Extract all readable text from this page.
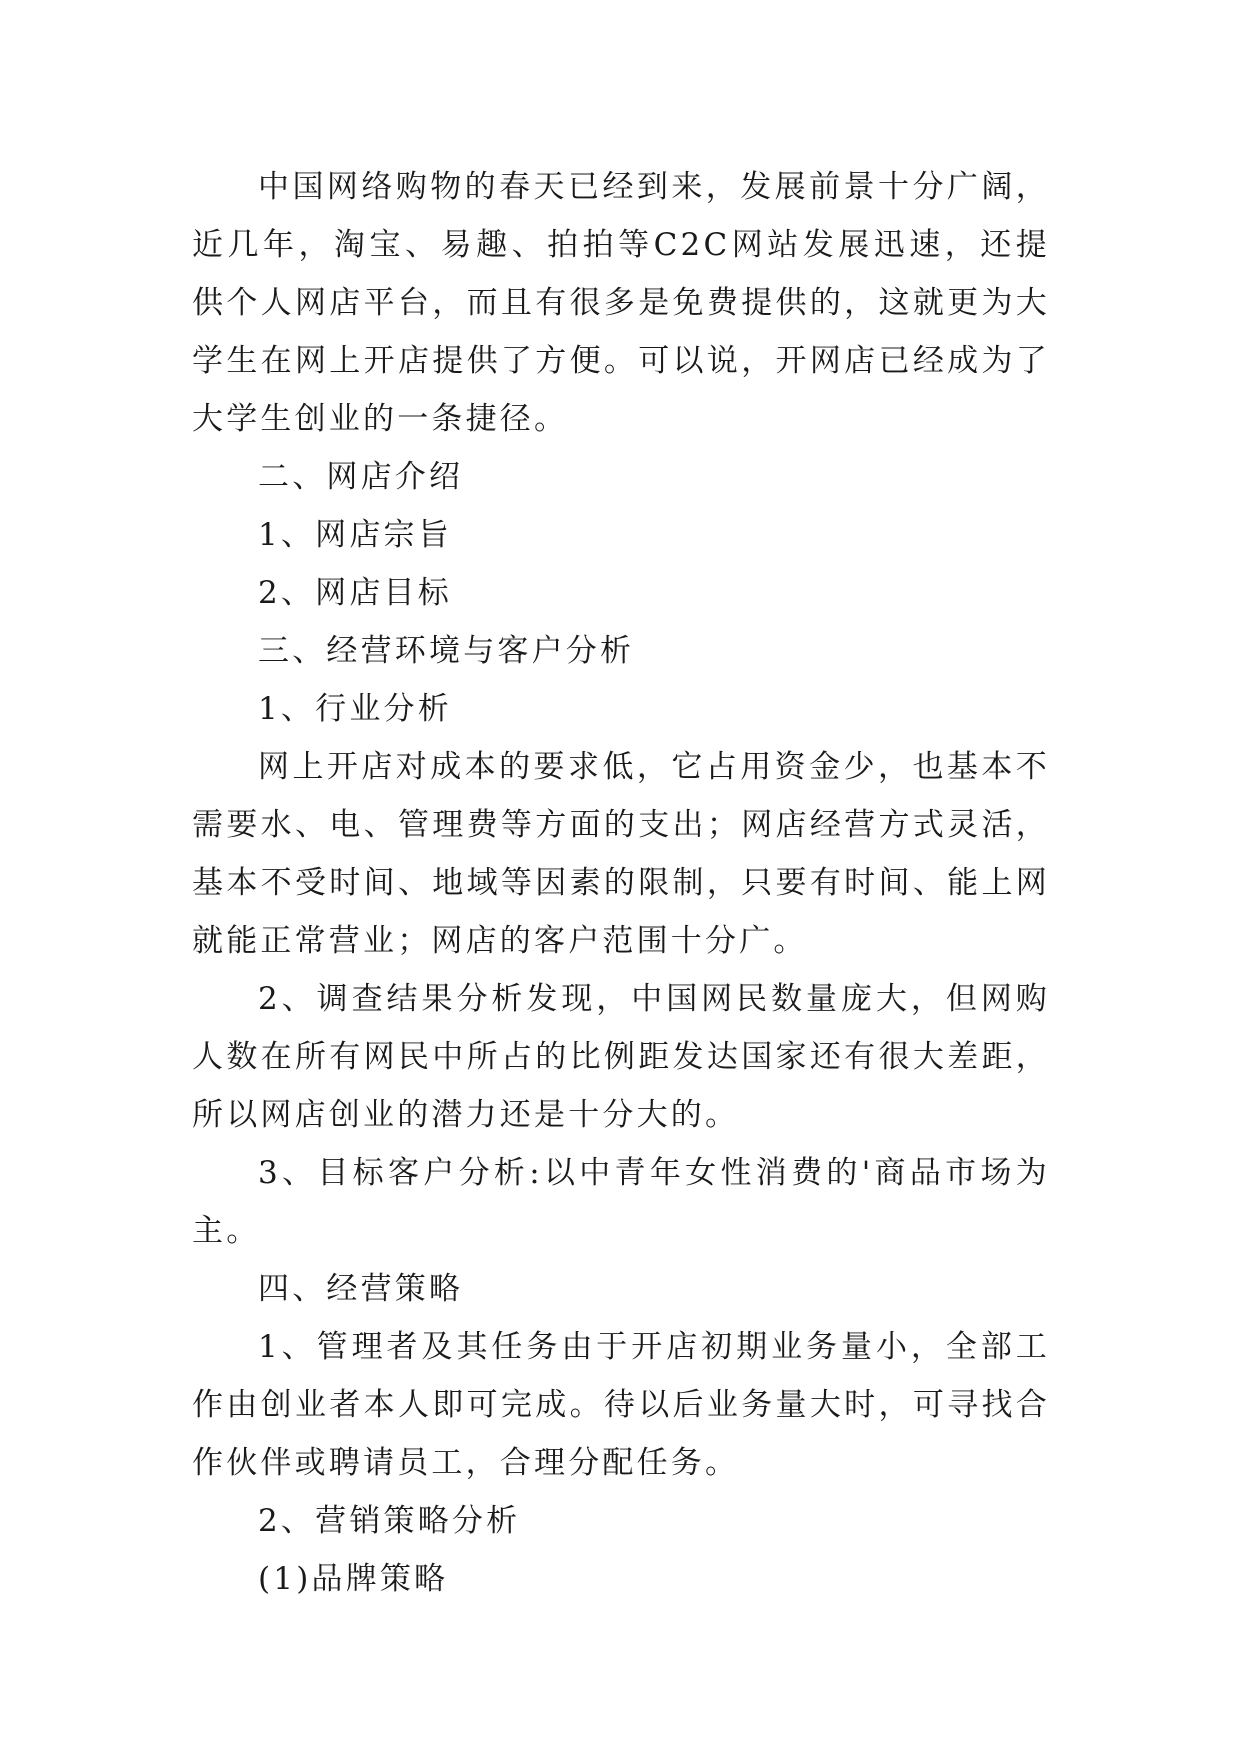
中国网络购物的春天已经到来，发展前景十分广阔，近几年，淘宝、易趣、拍拍等C2C网站发展迅速，还提供个人网店平台，而且有很多是免费提供的，这就更为大学生在网上开店提供了方便。可以说，开网店已经成为了大学生创业的一条捷径。

二、网店介绍

1、网店宗旨

2、网店目标

三、经营环境与客户分析

1、行业分析

网上开店对成本的要求低，它占用资金少，也基本不需要水、电、管理费等方面的支出；网店经营方式灵活，基本不受时间、地域等因素的限制，只要有时间、能上网就能正常营业；网店的客户范围十分广。

2、调查结果分析发现，中国网民数量庞大，但网购人数在所有网民中所占的比例距发达国家还有很大差距，所以网店创业的潜力还是十分大的。

3、目标客户分析:以中青年女性消费的'商品市场为主。

四、经营策略

1、管理者及其任务由于开店初期业务量小，全部工作由创业者本人即可完成。待以后业务量大时，可寻找合作伙伴或聘请员工，合理分配任务。

2、营销策略分析

(1)品牌策略
